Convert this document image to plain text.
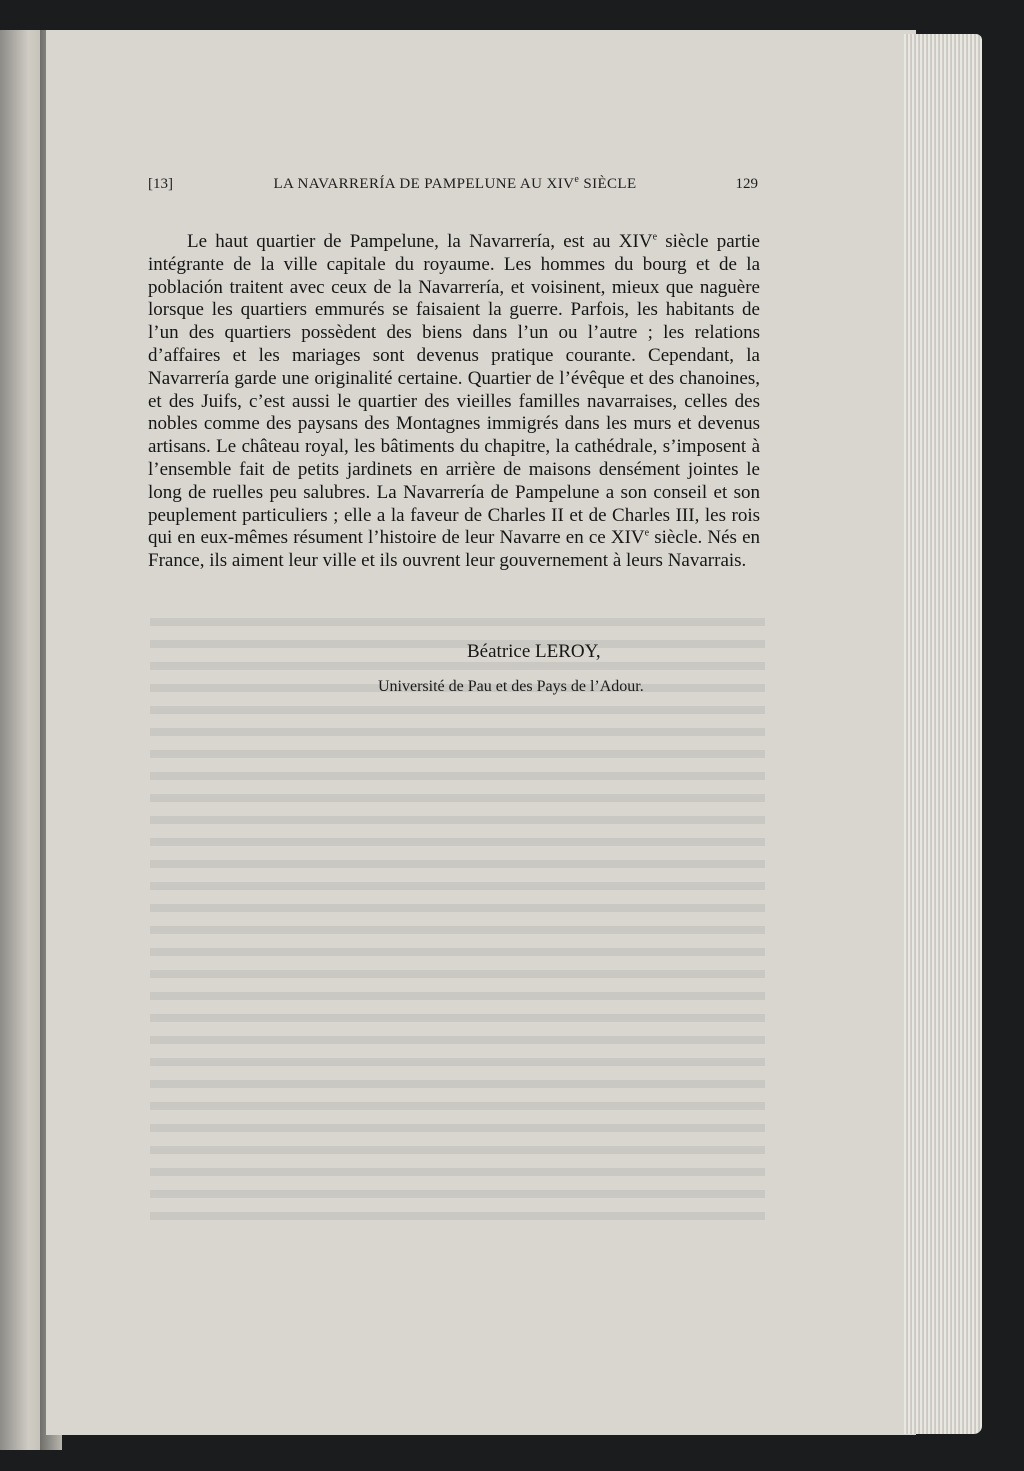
[13]	LA NAVARRERÍA DE PAMPELUNE AU XIVe SIÈCLE	129

Le haut quartier de Pampelune, la Navarrería, est au XIVe siècle partie intégrante de la ville capitale du royaume. Les hommes du bourg et de la población traitent avec ceux de la Navarrería, et voisinent, mieux que naguère lorsque les quartiers emmurés se faisaient la guerre. Parfois, les habitants de l’un des quartiers possèdent des biens dans l’un ou l’autre ; les relations d’affaires et les mariages sont devenus pratique courante. Cependant, la Navarrería garde une originalité certaine. Quartier de l’évêque et des chanoines, et des Juifs, c’est aussi le quartier des vieilles familles navarraises, celles des nobles comme des paysans des Montagnes immigrés dans les murs et devenus artisans. Le château royal, les bâtiments du chapitre, la cathédrale, s’imposent à l’ensemble fait de petits jardinets en arrière de maisons densément jointes le long de ruelles peu salubres. La Navarrería de Pampelune a son conseil et son peuplement particuliers ; elle a la faveur de Charles II et de Charles III, les rois qui en eux-mêmes résument l’histoire de leur Navarre en ce XIVe siècle. Nés en France, ils aiment leur ville et ils ouvrent leur gouvernement à leurs Navarrais.

Béatrice LEROY,
Université de Pau et des Pays de l’Adour.
